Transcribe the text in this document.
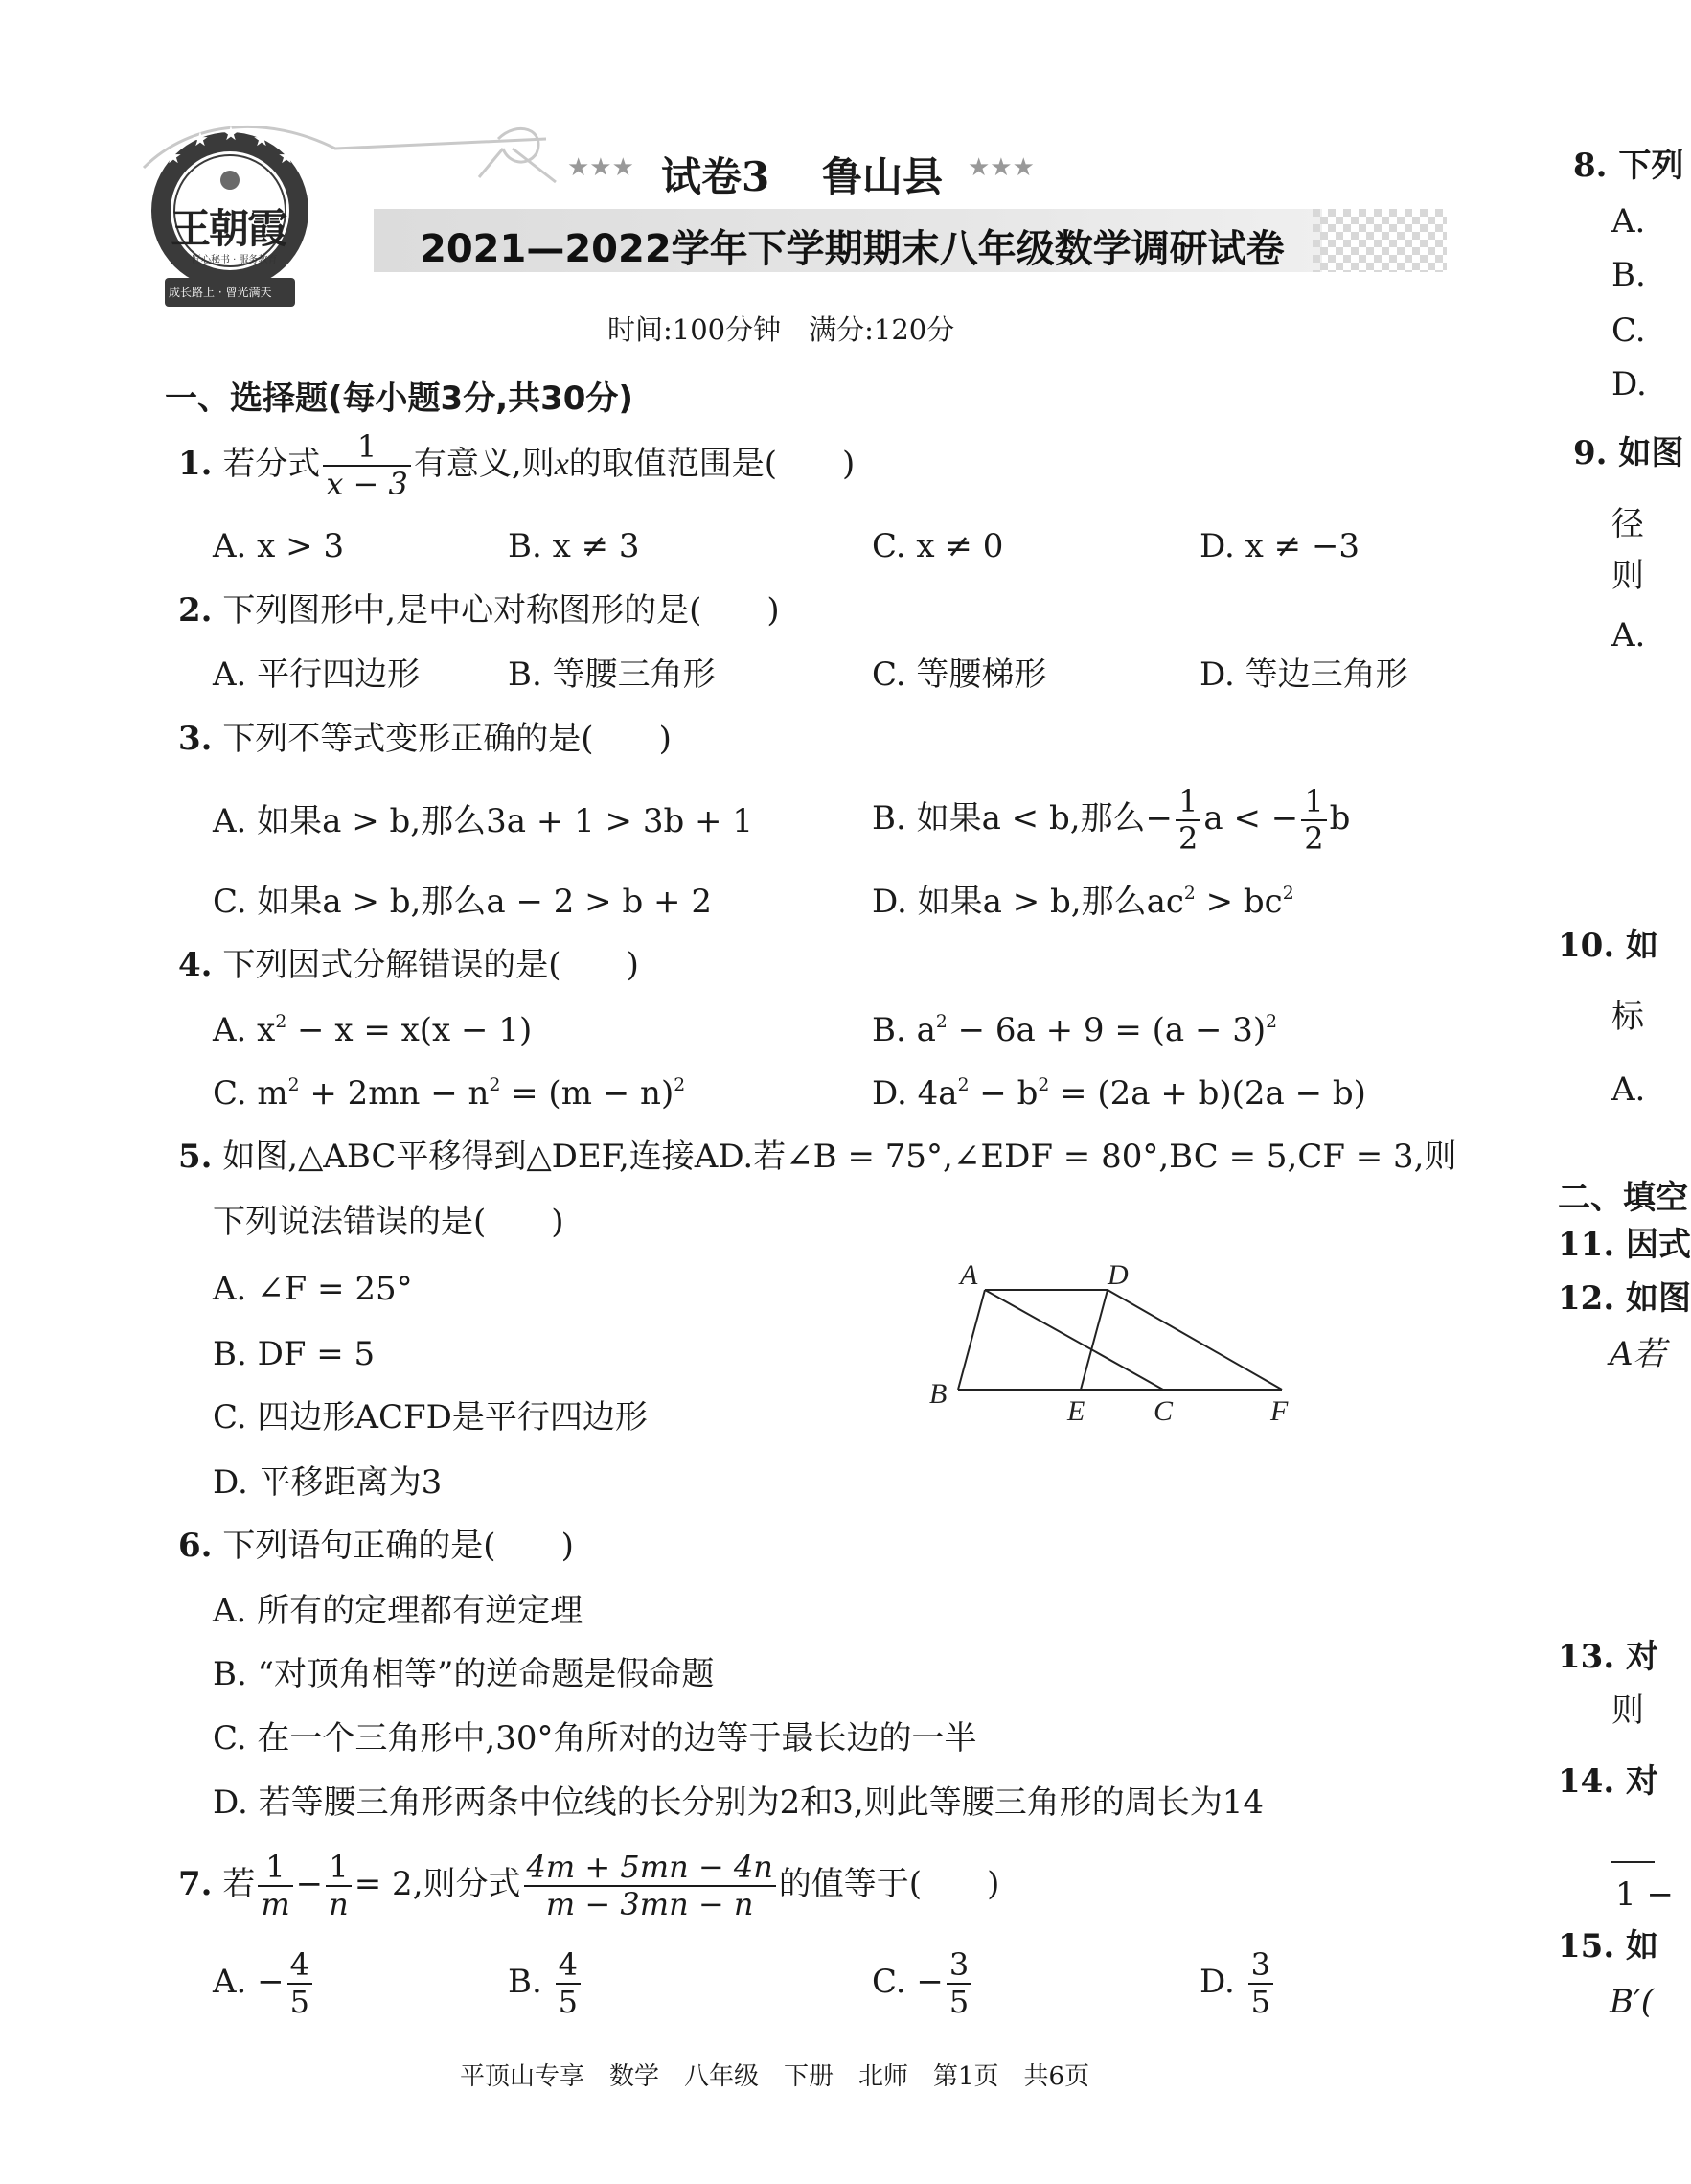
★
★ ★ ★
★
王朝霞
匠心秘书 · 服务教育
成长路上 · 曾光满天
★★★ 试卷3 鲁山县 ★★★
2021—2022学年下学期期末八年级数学调研试卷
时间:100分钟　满分:120分
一、选择题(每小题3分,共30分)
1. 若分式 $\frac{1}{x - 3}$ 有意义,则x的取值范围是(　　)
A. x > 3	B. x ≠ 3	C. x ≠ 0	D. x ≠ −3
2. 下列图形中,是中心对称图形的是(　　)
A. 平行四边形	B. 等腰三角形	C. 等腰梯形	D. 等边三角形
3. 下列不等式变形正确的是(　　)
A. 如果a > b,那么3a + 1 > 3b + 1	B. 如果a < b,那么− $\frac{1}{2}$ a < − $\frac{1}{2}$ b
C. 如果a > b,那么a − 2 > b + 2	D. 如果a > b,那么$ac^2 > bc^2$
4. 下列因式分解错误的是(　　)
A. $x^2 - x = x(x - 1)$	B. $a^2 - 6a + 9 = (a - 3)^2$
C. $m^2 + 2mn - n^2 = (m - n)^2$	D. $4a^2 - b^2 = (2a + b)(2a - b)$
5. 如图,△ABC平移得到△DEF,连接AD.若∠B = 75°,∠EDF = 80°,BC = 5,CF = 3,则
下列说法错误的是(　　)
A. ∠F = 25°
B. DF = 5
C. 四边形ACFD是平行四边形
D. 平移距离为3
A	D
B
E C	F
6. 下列语句正确的是(　　)
A. 所有的定理都有逆定理
B. “对顶角相等”的逆命题是假命题
C. 在一个三角形中,30°角所对的边等于最长边的一半
D. 若等腰三角形两条中位线的长分别为2和3,则此等腰三角形的周长为14
7. 若 $\frac{1}{m} - \frac{1}{n} = 2$,则分式 $\frac{4m + 5mn - 4n}{m - 3mn - n}$ 的值等于(　　)
A. − $\frac{4}{5}$	B. $\frac{4}{5}$	C. − $\frac{3}{5}$	D. $\frac{3}{5}$
8. 下列
A.
B.
C.
D.
9. 如图
径
则
A.
10. 如
标
A.
二、填空
11. 因式
12. 如图
A若
13. 对
则
14. 对
1 −
15. 如
B′(
平顶山专享　数学　八年级　下册　北师　第1页　共6页
